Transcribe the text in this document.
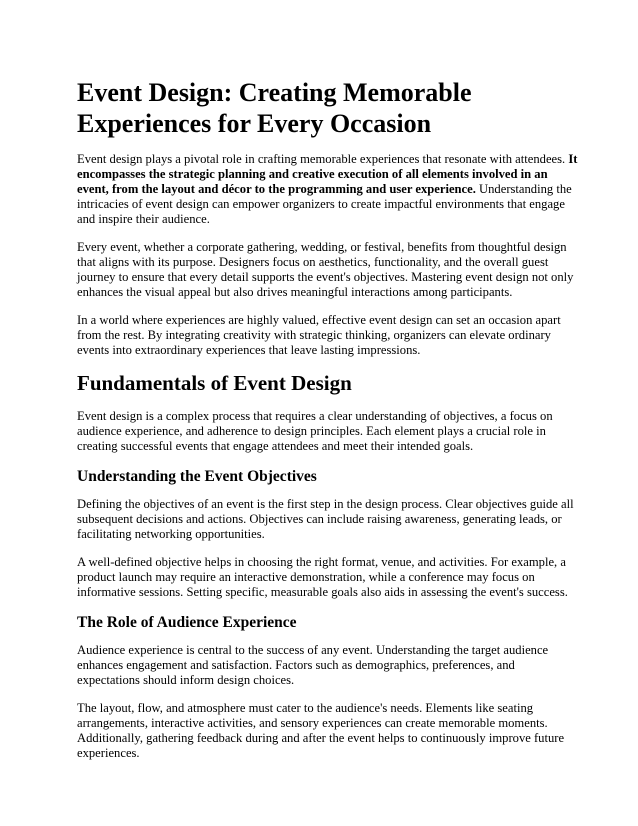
Event Design: Creating Memorable Experiences for Every Occasion

Event design plays a pivotal role in crafting memorable experiences that resonate with attendees. It encompasses the strategic planning and creative execution of all elements involved in an event, from the layout and décor to the programming and user experience. Understanding the intricacies of event design can empower organizers to create impactful environments that engage and inspire their audience.

Every event, whether a corporate gathering, wedding, or festival, benefits from thoughtful design that aligns with its purpose. Designers focus on aesthetics, functionality, and the overall guest journey to ensure that every detail supports the event's objectives. Mastering event design not only enhances the visual appeal but also drives meaningful interactions among participants.

In a world where experiences are highly valued, effective event design can set an occasion apart from the rest. By integrating creativity with strategic thinking, organizers can elevate ordinary events into extraordinary experiences that leave lasting impressions.

Fundamentals of Event Design

Event design is a complex process that requires a clear understanding of objectives, a focus on audience experience, and adherence to design principles. Each element plays a crucial role in creating successful events that engage attendees and meet their intended goals.

Understanding the Event Objectives

Defining the objectives of an event is the first step in the design process. Clear objectives guide all subsequent decisions and actions. Objectives can include raising awareness, generating leads, or facilitating networking opportunities.

A well-defined objective helps in choosing the right format, venue, and activities. For example, a product launch may require an interactive demonstration, while a conference may focus on informative sessions. Setting specific, measurable goals also aids in assessing the event's success.

The Role of Audience Experience

Audience experience is central to the success of any event. Understanding the target audience enhances engagement and satisfaction. Factors such as demographics, preferences, and expectations should inform design choices.

The layout, flow, and atmosphere must cater to the audience's needs. Elements like seating arrangements, interactive activities, and sensory experiences can create memorable moments. Additionally, gathering feedback during and after the event helps to continuously improve future experiences.
